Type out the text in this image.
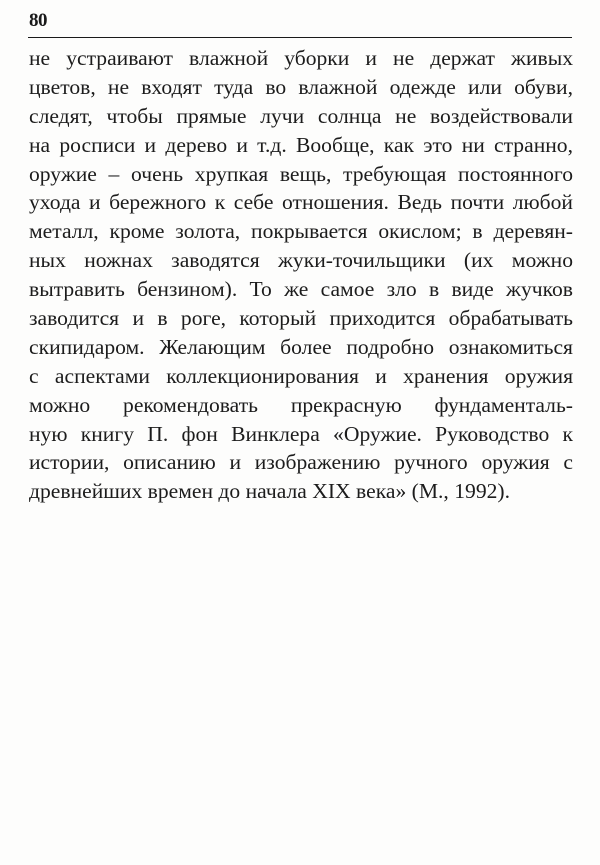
80
не устраивают влажной уборки и не держат живых
цветов, не входят туда во влажной одежде или обуви,
следят, чтобы прямые лучи солнца не воздействовали
на росписи и дерево и т.д. Вообще, как это ни странно,
оружие – очень хрупкая вещь, требующая постоянного
ухода и бережного к себе отношения. Ведь почти любой
металл, кроме золота, покрывается окислом; в деревян-
ных ножнах заводятся жуки-точильщики (их можно
вытравить бензином). То же самое зло в виде жучков
заводится и в роге, который приходится обрабатывать
скипидаром. Желающим более подробно ознакомиться
с аспектами коллекционирования и хранения оружия
можно рекомендовать прекрасную фундаменталь-
ную книгу П. фон Винклера «Оружие. Руководство к
истории, описанию и изображению ручного оружия с
древнейших времен до начала XIX века» (М., 1992).
